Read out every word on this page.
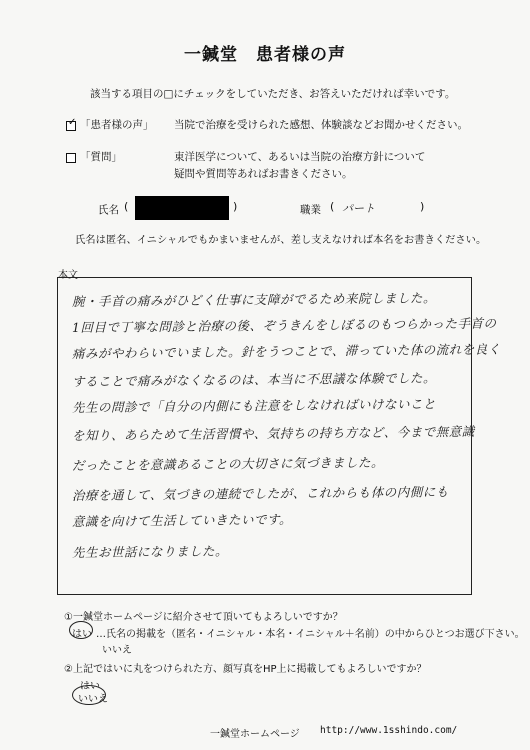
一鍼堂　患者様の声
該当する項目の□にチェックをしていただき、お答えいただければ幸いです。
✓ 「患者様の声」 当院で治療を受けられた感想、体験談などお聞かせください。
「質問」	東洋医学について、あるいは当院の治療方針について
疑問や質問等あればお書きください。
氏名 (	)	職業 ( パート	)
氏名は匿名、イニシャルでもかまいませんが、差し支えなければ本名をお書きください。
本文
腕・手首の痛みがひどく仕事に支障がでるため来院しました。
1回目で丁寧な問診と治療の後、ぞうきんをしぼるのもつらかった手首の
痛みがやわらいでいました。針をうつことで、滞っていた体の流れを良く
することで痛みがなくなるのは、本当に不思議な体験でした。
先生の問診で「自分の内側にも注意をしなければいけないこと
を知り、あらためて生活習慣や、気持ちの持ち方など、今まで無意識
だったことを意識あることの大切さに気づきました。
治療を通して、気づきの連続でしたが、これからも体の内側にも
意識を向けて生活していきたいです。
先生お世話になりました。
①一鍼堂ホームページに紹介させて頂いてもよろしいですか？
はい …氏名の掲載を（匿名・イニシャル・本名・イニシャル＋名前）の中からひとつお選び下さい。
いいえ
②上記ではいに丸をつけられた方、顔写真をHP上に掲載してもよろしいですか？
はい
いいえ
一鍼堂ホームページ http://www.1sshindo.com/
